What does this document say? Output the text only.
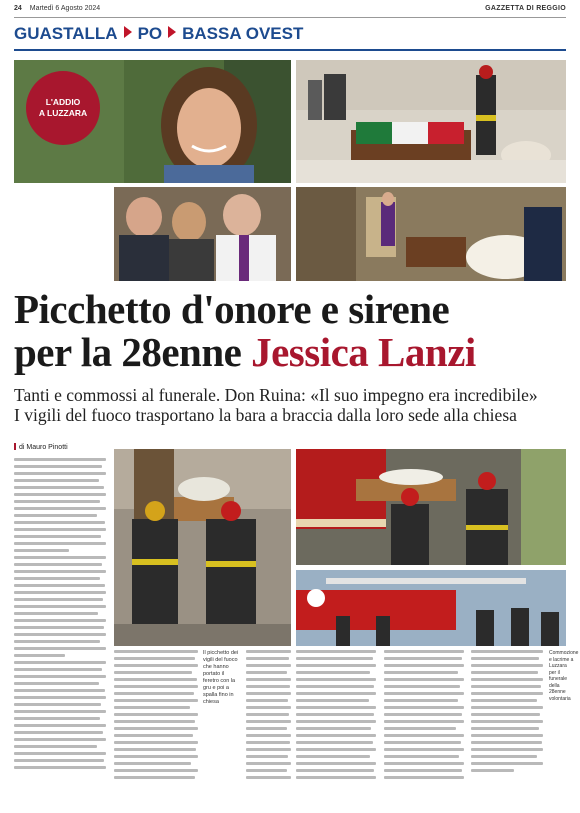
24 Martedì 6 Agosto 2024	GAZZETTA DI REGGIO
GUASTALLA PO BASSA OVEST
L'ADDIO
A LUZZARA
Picchetto d'onore e sirene
per la 28enne Jessica Lanzi
Tanti e commossi al funerale. Don Ruina: «Il suo impegno era incredibile»
I vigili del fuoco trasportano la bara a braccia dalla loro sede alla chiesa
di Mauro Pinotti
Il picchetto dei vigili del fuoco che hanno portato il feretro con la gru e poi a spalla fino in chiesa
Commozione e lacrime a Luzzara per il funerale della 28enne volontaria
